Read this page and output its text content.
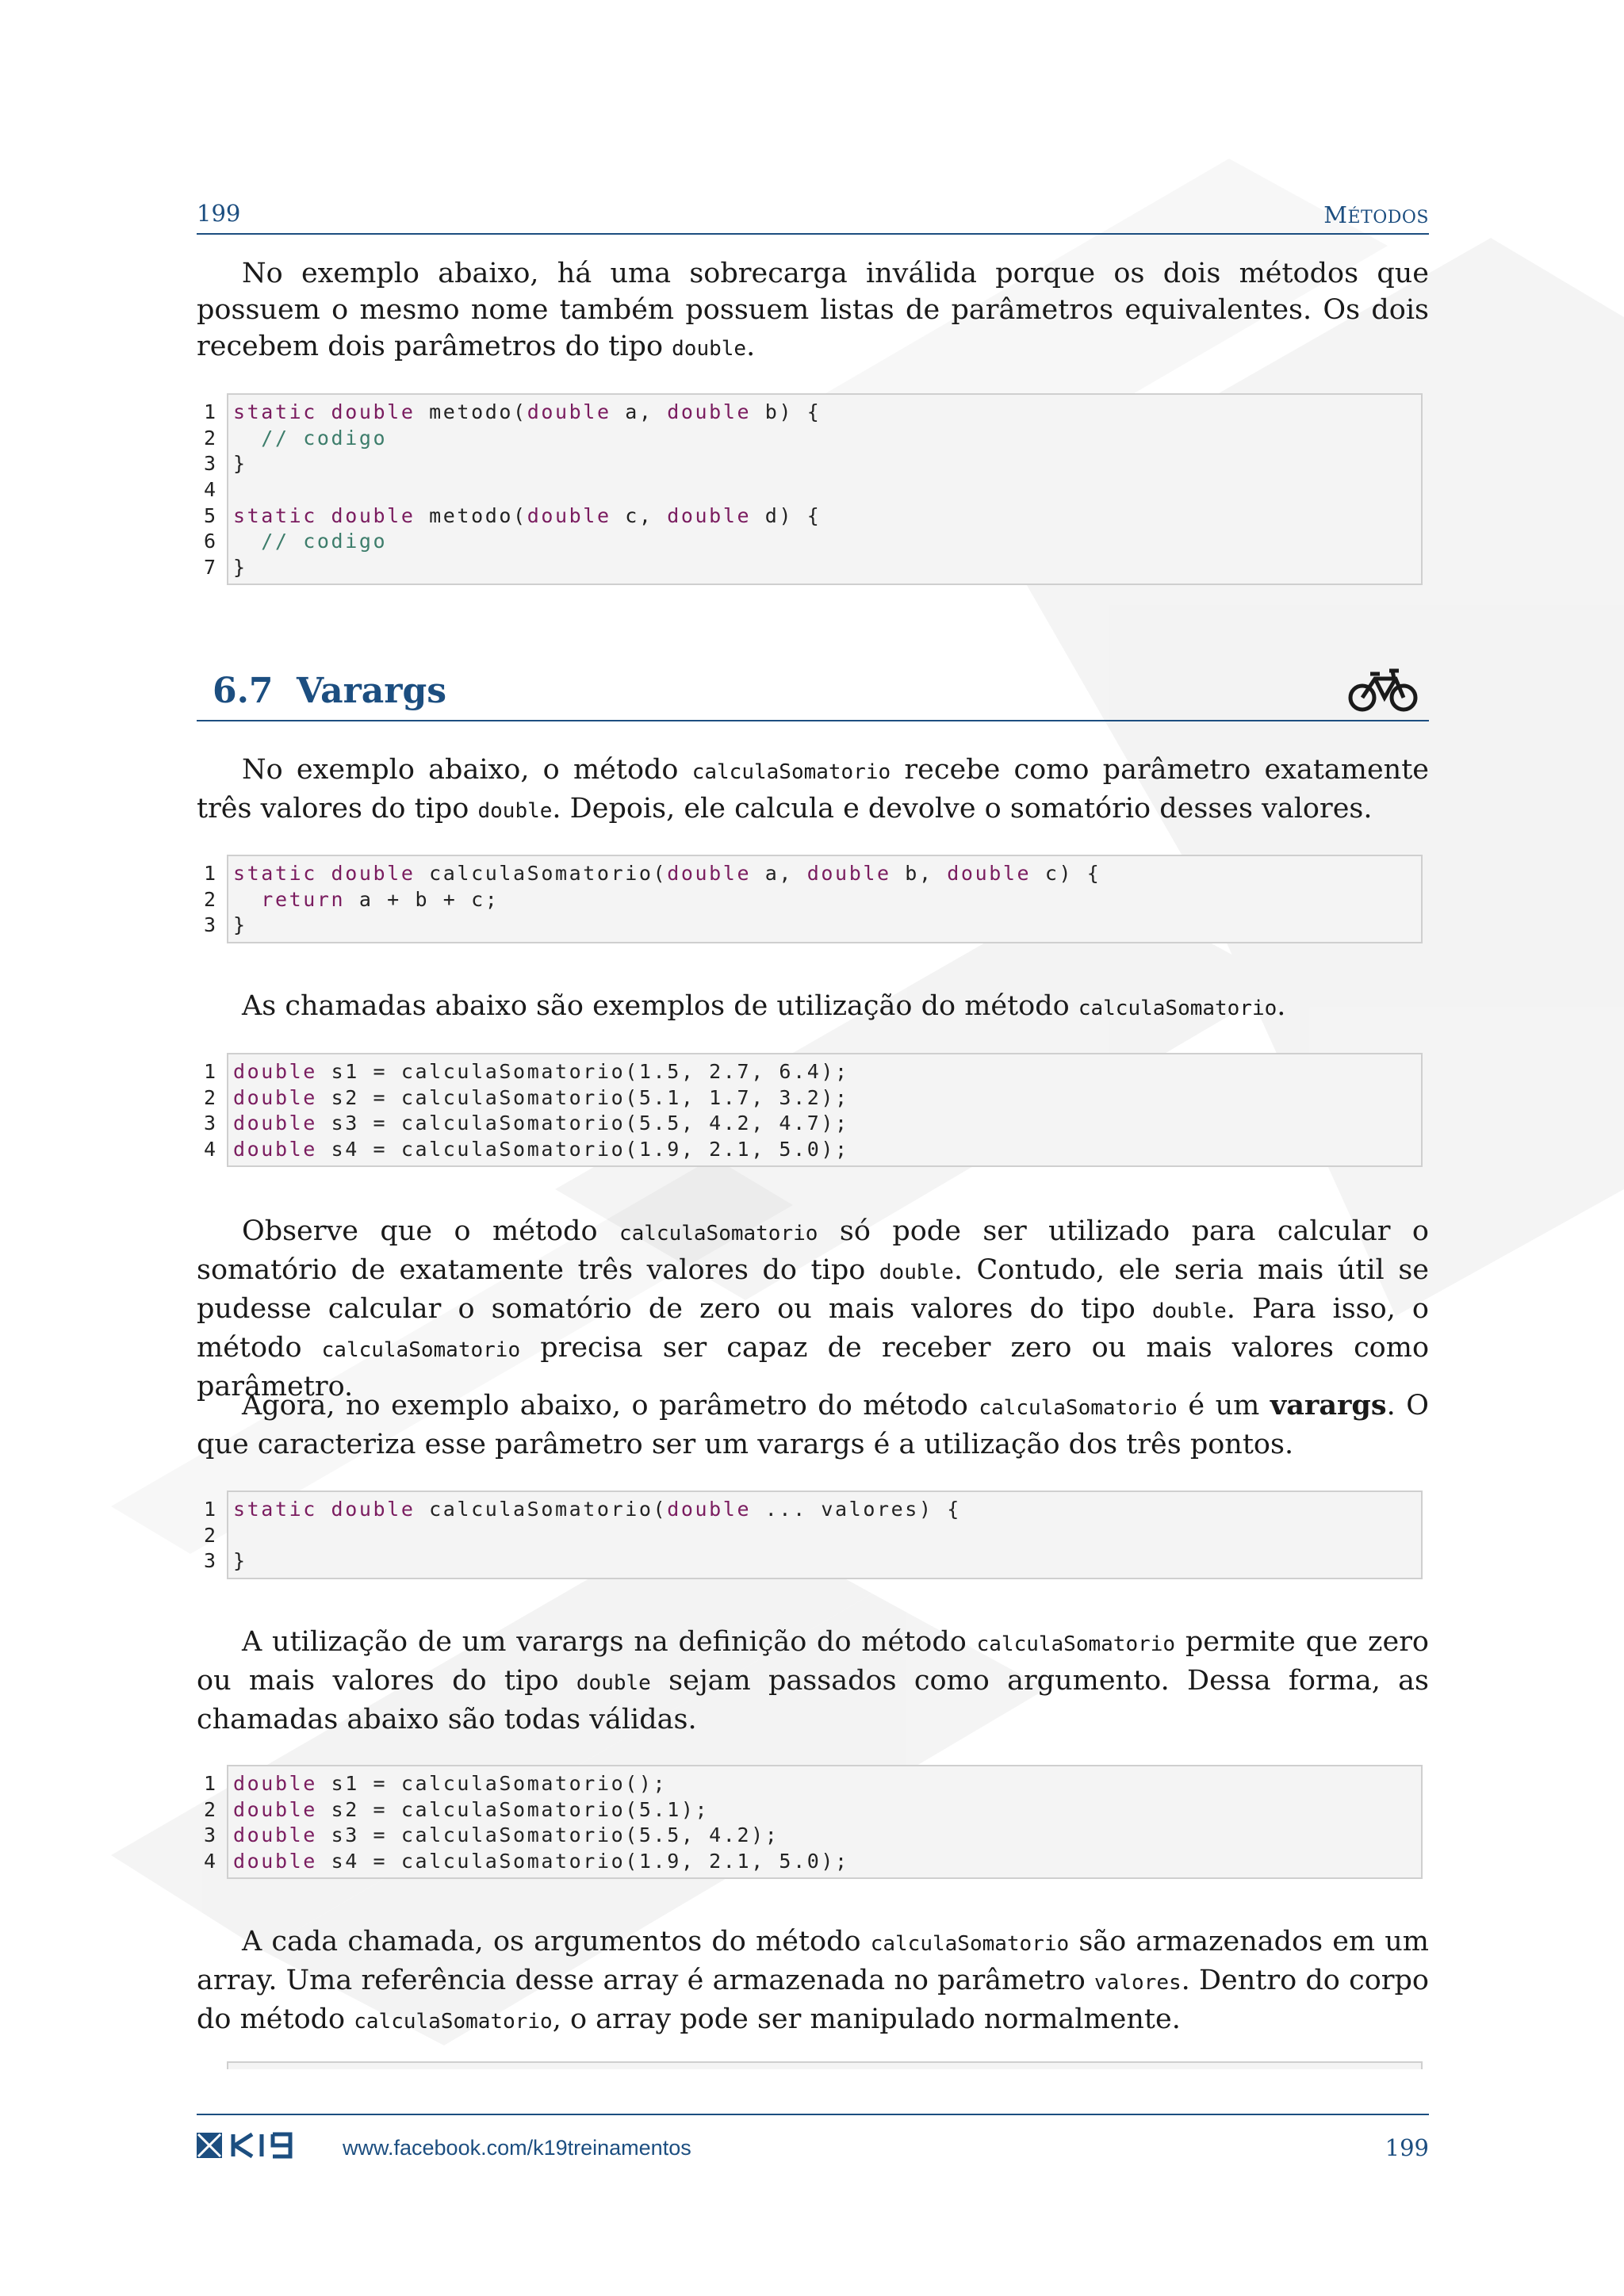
199	MÉTODOS
No exemplo abaixo, há uma sobrecarga inválida porque os dois métodos que possuem o mesmo nome também possuem listas de parâmetros equivalentes. Os dois recebem dois parâmetros do tipo double.
1 static double metodo(double a, double b) {
2 // codigo
3 }
4
5 static double metodo(double c, double d) {
6 // codigo
7 }
6.7 Varargs
No exemplo abaixo, o método calculaSomatorio recebe como parâmetro exatamente três valores do tipo double. Depois, ele calcula e devolve o somatório desses valores.
1 static double calculaSomatorio(double a, double b, double c) {
2 return a + b + c;
3 }
As chamadas abaixo são exemplos de utilização do método calculaSomatorio.
1 double s1 = calculaSomatorio(1.5, 2.7, 6.4);
2 double s2 = calculaSomatorio(5.1, 1.7, 3.2);
3 double s3 = calculaSomatorio(5.5, 4.2, 4.7);
4 double s4 = calculaSomatorio(1.9, 2.1, 5.0);
Observe que o método calculaSomatorio só pode ser utilizado para calcular o somatório de exatamente três valores do tipo double. Contudo, ele seria mais útil se pudesse calcular o somatório de zero ou mais valores do tipo double. Para isso, o método calculaSomatorio precisa ser capaz de receber zero ou mais valores como parâmetro.
Agora, no exemplo abaixo, o parâmetro do método calculaSomatorio é um varargs. O que caracteriza esse parâmetro ser um varargs é a utilização dos três pontos.
1 static double calculaSomatorio(double ... valores) {
2
3 }
A utilização de um varargs na definição do método calculaSomatorio permite que zero ou mais valores do tipo double sejam passados como argumento. Dessa forma, as chamadas abaixo são todas válidas.
1 double s1 = calculaSomatorio();
2 double s2 = calculaSomatorio(5.1);
3 double s3 = calculaSomatorio(5.5, 4.2);
4 double s4 = calculaSomatorio(1.9, 2.1, 5.0);
A cada chamada, os argumentos do método calculaSomatorio são armazenados em um array. Uma referência desse array é armazenada no parâmetro valores. Dentro do corpo do método calculaSomatorio, o array pode ser manipulado normalmente.
www.facebook.com/k19treinamentos	199
